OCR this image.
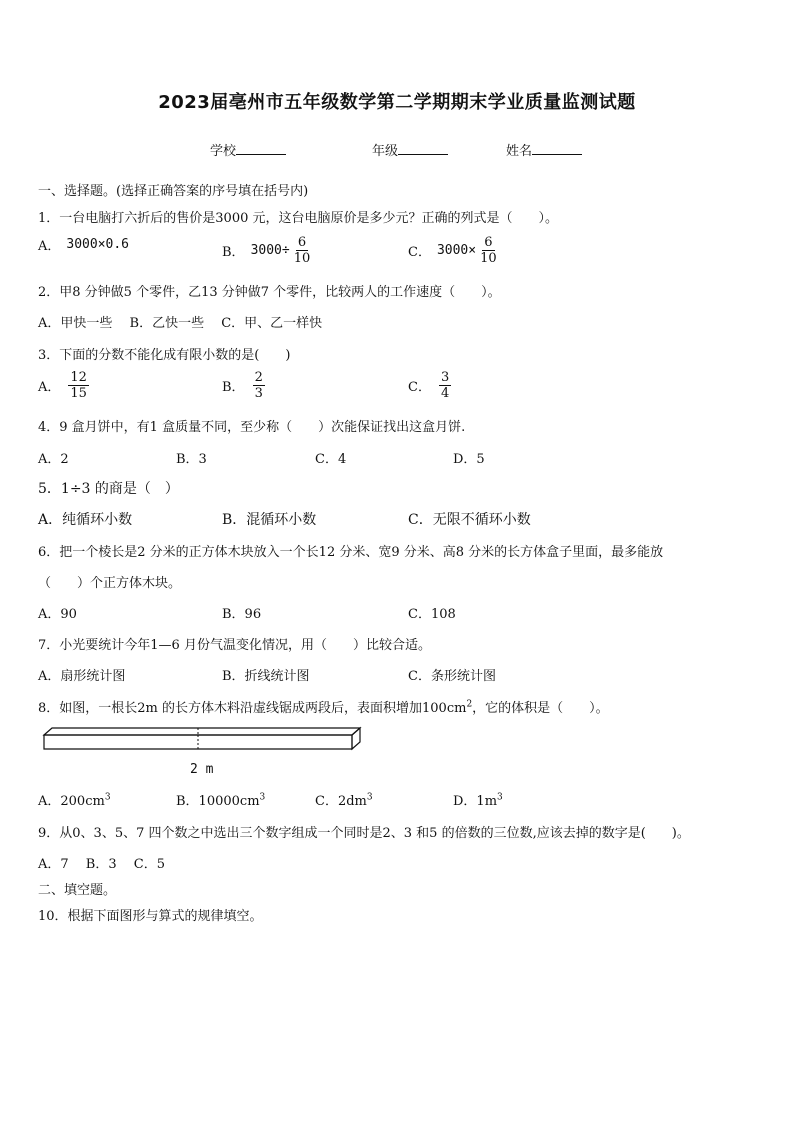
2023届亳州市五年级数学第二学期期末学业质量监测试题
学校	年级	姓名
一、选择题。(选择正确答案的序号填在括号内)
1．一台电脑打六折后的售价是3000 元，这台电脑原价是多少元？正确的列式是（　　）。
A． 3000×0.6
B． $3000\div \frac{6}{10}$	C． $3000\times \frac{6}{10}$
2．甲8 分钟做5 个零件，乙13 分钟做7 个零件，比较两人的工作速度（　　）。
A．甲快一些　 B．乙快一些　 C．甲、乙一样快
3．下面的分数不能化成有限小数的是(　　)
A． $\frac{12}{15}$	B． $\frac{2}{3}$	C． $\frac{3}{4}$
4．9 盒月饼中，有1 盒质量不同，至少称（　　）次能保证找出这盒月饼.
A．2	B．3	C．4	D．5
5．1÷3 的商是（　）
A．纯循环小数	B．混循环小数	C．无限不循环小数
6．把一个棱长是2 分米的正方体木块放入一个长12 分米、宽9 分米、高8 分米的长方体盒子里面，最多能放
（　　）个正方体木块。
A．90	B．96	C．108
7．小光要统计今年1—6 月份气温变化情况，用（　　）比较合适。
A．扇形统计图	B．折线统计图	C．条形统计图
8．如图，一根长2m 的长方体木料沿虚线锯成两段后，表面积增加$100cm^2$，它的体积是（　　）。
2 m
A．$200cm^3$	B．$10000cm^3$	C．$2dm^3$	D．$1m^3$
9．从0、3、5、7 四个数之中选出三个数字组成一个同时是2、3 和5 的倍数的三位数,应该去掉的数字是(　　)。
A．7　 B．3　 C．5
二、填空题。
10．根据下面图形与算式的规律填空。
